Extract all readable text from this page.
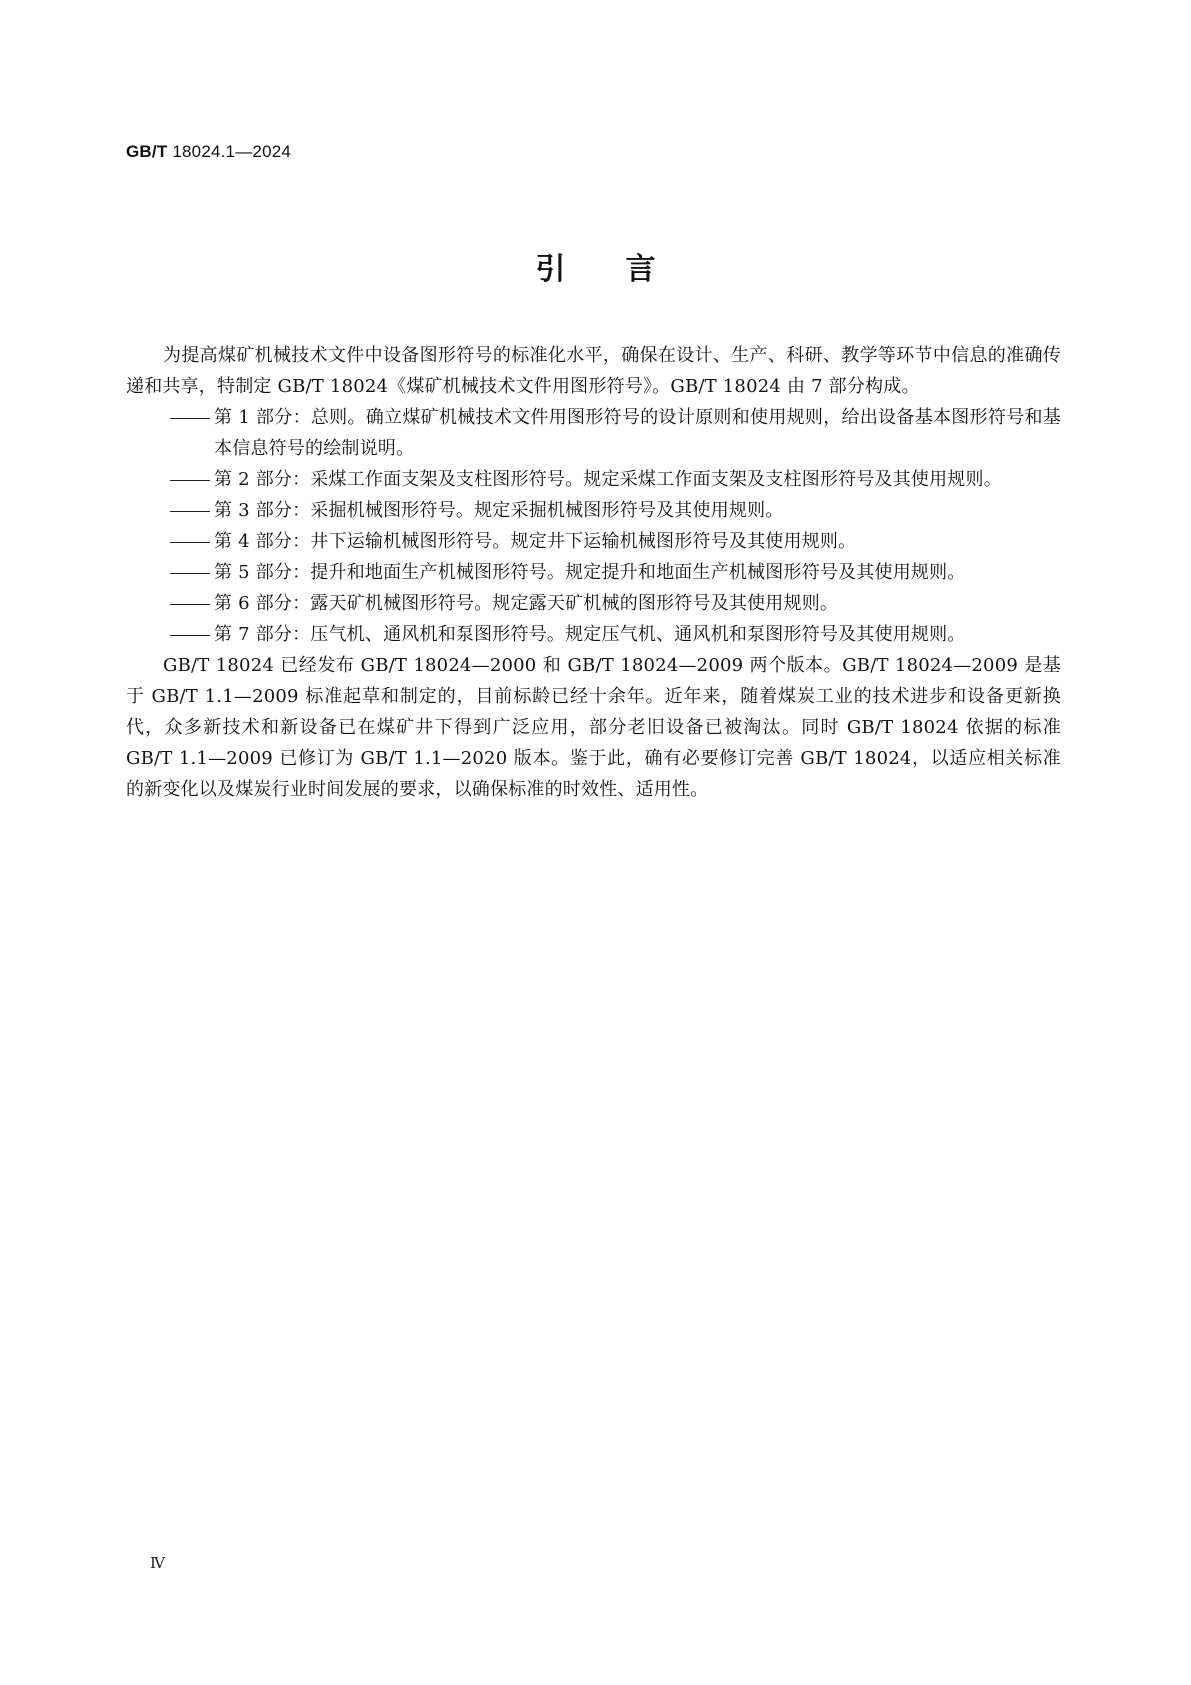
GB/T 18024.1—2024
引言

为提高煤矿机械技术文件中设备图形符号的标准化水平，确保在设计、生产、科研、教学等环节中信息的准确传递和共享，特制定 GB/T 18024《煤矿机械技术文件用图形符号》。GB/T 18024 由 7 部分构成。

第 1 部分：总则。确立煤矿机械技术文件用图形符号的设计原则和使用规则，给出设备基本图形符号和基本信息符号的绘制说明。
第 2 部分：采煤工作面支架及支柱图形符号。规定采煤工作面支架及支柱图形符号及其使用规则。
第 3 部分：采掘机械图形符号。规定采掘机械图形符号及其使用规则。
第 4 部分：井下运输机械图形符号。规定井下运输机械图形符号及其使用规则。
第 5 部分：提升和地面生产机械图形符号。规定提升和地面生产机械图形符号及其使用规则。
第 6 部分：露天矿机械图形符号。规定露天矿机械的图形符号及其使用规则。
第 7 部分：压气机、通风机和泵图形符号。规定压气机、通风机和泵图形符号及其使用规则。

GB/T 18024 已经发布 GB/T 18024—2000 和 GB/T 18024—2009 两个版本。GB/T 18024—2009 是基于 GB/T 1.1—2009 标准起草和制定的，目前标龄已经十余年。近年来，随着煤炭工业的技术进步和设备更新换代，众多新技术和新设备已在煤矿井下得到广泛应用，部分老旧设备已被淘汰。同时 GB/T 18024 依据的标准 GB/T 1.1—2009 已修订为 GB/T 1.1—2020 版本。鉴于此，确有必要修订完善 GB/T 18024，以适应相关标准的新变化以及煤炭行业时间发展的要求，以确保标准的时效性、适用性。

Ⅳ
